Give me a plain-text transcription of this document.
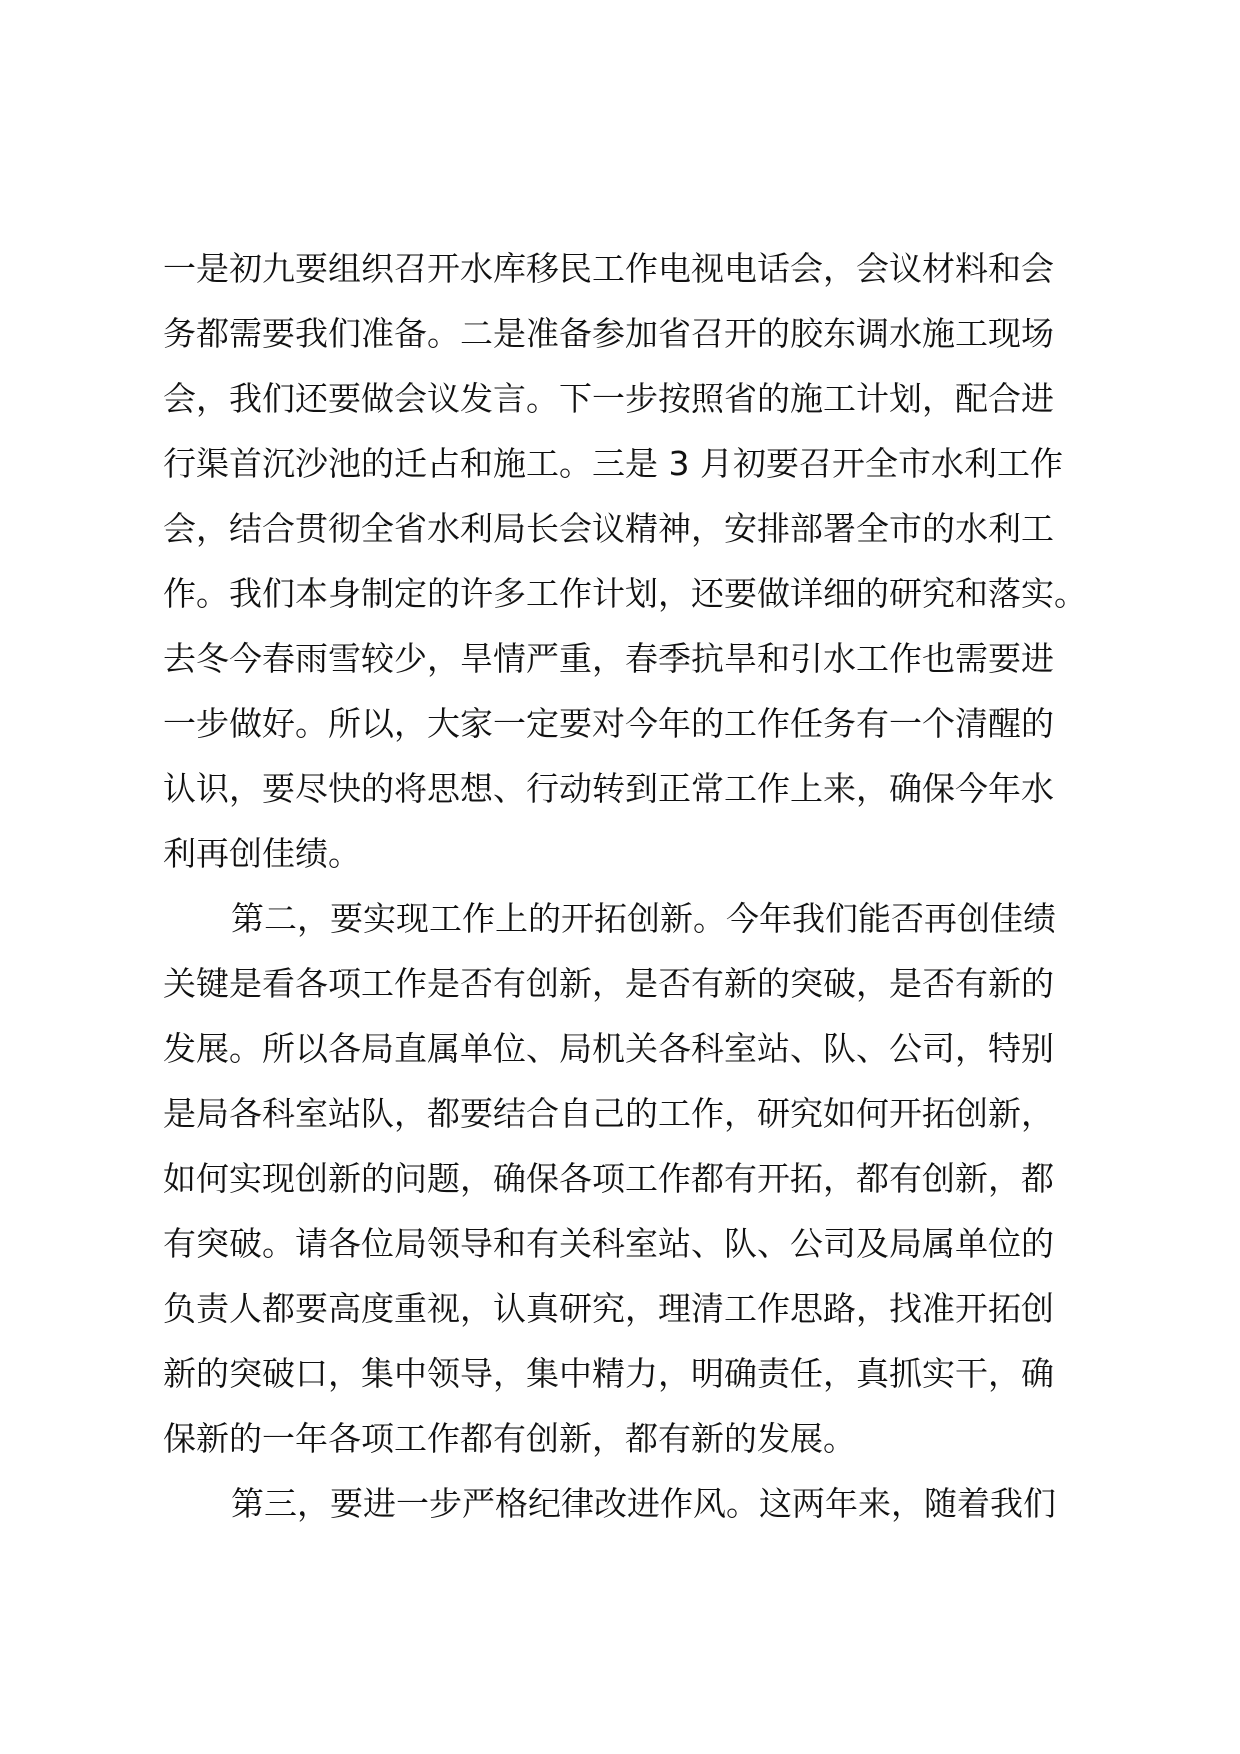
一是初九要组织召开水库移民工作电视电话会，会议材料和会
务都需要我们准备。二是准备参加省召开的胶东调水施工现场
会，我们还要做会议发言。下一步按照省的施工计划，配合进
行渠首沉沙池的迁占和施工。三是 3 月初要召开全市水利工作
会，结合贯彻全省水利局长会议精神，安排部署全市的水利工
作。我们本身制定的许多工作计划，还要做详细的研究和落实。
去冬今春雨雪较少，旱情严重，春季抗旱和引水工作也需要进
一步做好。所以，大家一定要对今年的工作任务有一个清醒的
认识，要尽快的将思想、行动转到正常工作上来，确保今年水
利再创佳绩。
第二，要实现工作上的开拓创新。今年我们能否再创佳绩
关键是看各项工作是否有创新，是否有新的突破，是否有新的
发展。所以各局直属单位、局机关各科室站、队、公司，特别
是局各科室站队，都要结合自己的工作，研究如何开拓创新，
如何实现创新的问题，确保各项工作都有开拓，都有创新，都
有突破。请各位局领导和有关科室站、队、公司及局属单位的
负责人都要高度重视，认真研究，理清工作思路，找准开拓创
新的突破口，集中领导，集中精力，明确责任，真抓实干，确
保新的一年各项工作都有创新，都有新的发展。
第三，要进一步严格纪律改进作风。这两年来，随着我们
